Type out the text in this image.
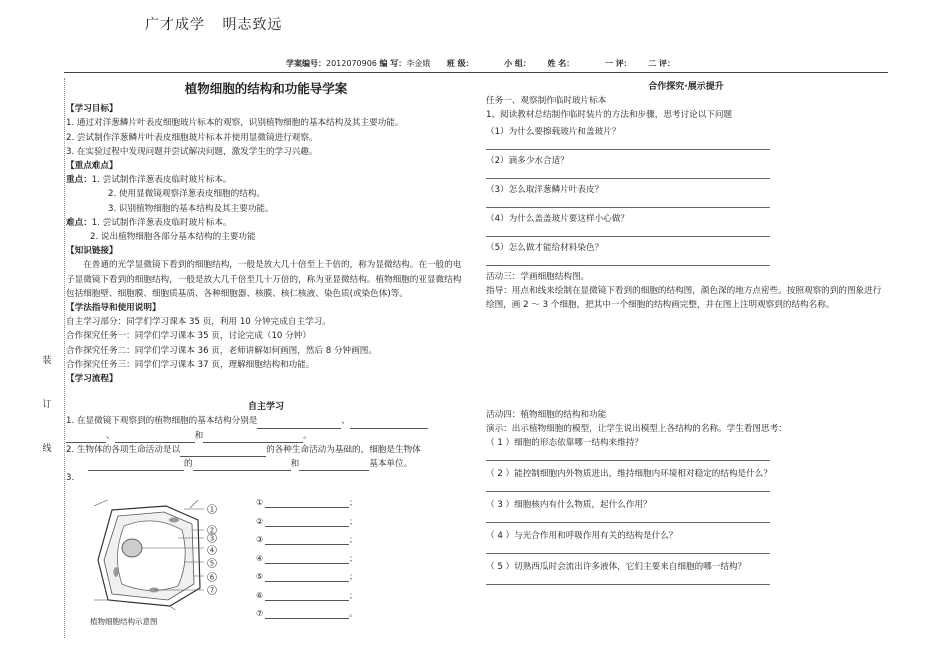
广才成学 明志致远
学案编号：2012070906 编 写：李金娥 班 级：	小 组： 姓 名：	一 评： 二 评：
装
订
线
植物细胞的结构和功能导学案
【学习目标】

1. 通过对洋葱鳞片叶表皮细胞玻片标本的观察，识别植物细胞的基本结构及其主要功能。

2. 尝试制作洋葱鳞片叶表皮细胞玻片标本并使用显微镜进行观察。

3. 在实验过程中发现问题并尝试解决问题，激发学生的学习兴趣。

【重点难点】

重点：1. 尝试制作洋葱表皮临时玻片标本。

2. 使用显微镜观察洋葱表皮细胞的结构。

3. 识别植物细胞的基本结构及其主要功能。

难点：1. 尝试制作洋葱表皮临时玻片标本。

2. 说出植物细胞各部分基本结构的主要功能

【知识链接】

在普通的光学显微镜下看到的细胞结构，一般是放大几十倍至上千倍的，称为显微结构。在一般的电子显微镜下看到的细胞结构，一般是放大几千倍至几十万倍的，称为亚显微结构。植物细胞的亚显微结构包括细胞壁、细胞膜、细胞质基质、各种细胞器、核膜、核仁核液、染色质(或染色体)等。

【学法指导和使用说明】

自主学习部分：同学们学习课本 35 页，利用 10 分钟完成自主学习。

合作探究任务一：同学们学习课本 35 页，讨论完成（10 分钟）

合作探究任务二：同学们学习课本 36 页，老师讲解如何画图，然后 8 分钟画图。

合作探究任务三：同学们学习课本 37 页，理解细胞结构和功能。

【学习流程】
自主学习

1. 在显微镜下观察到的植物细胞的基本结构分别是	、

、	和	。

2. 生物体的各项生命活动是以	的各种生命活动为基础的，细胞是生物体

的	和	基本单位。

3.

1
2
3
4
5
6
7
植物细胞结构示意图
①	；
②	；
③	；
④	；
⑤	；
⑥	；
⑦	。
合作探究·展示提升
任务一、观察制作临时玻片标本
1、阅读教材总结制作临时装片的方法和步骤，思考讨论以下问题
（1）为什么要擦载玻片和盖玻片？
（2）滴多少水合适？
（3）怎么取洋葱鳞片叶表皮？
（4）为什么盖盖玻片要这样小心做？
（5）怎么做才能给材料染色？
活动三：学画细胞结构图。
指导：用点和线来绘制在显微镜下看到的细胞的结构图，颜色深的地方点密些。按照观察的到的图象进行绘图，画 2 ～ 3 个细胞，把其中一个细胞的结构画完整，并在图上注明观察到的结构名称。
活动四：植物细胞的结构和功能
演示：出示植物细胞的模型，让学生说出模型上各结构的名称。学生看图思考：
（ 1 ）细胞的形态依靠哪一结构来维持？
（ 2 ）能控制细胞内外物质进出，维持细胞内环境相对稳定的结构是什么？
（ 3 ）细胞核内有什么物质，起什么作用？
（ 4 ）与光合作用和呼吸作用有关的结构是什么？
（ 5 ）切熟西瓜时会流出许多液体，它们主要来自细胞的哪一结构？
